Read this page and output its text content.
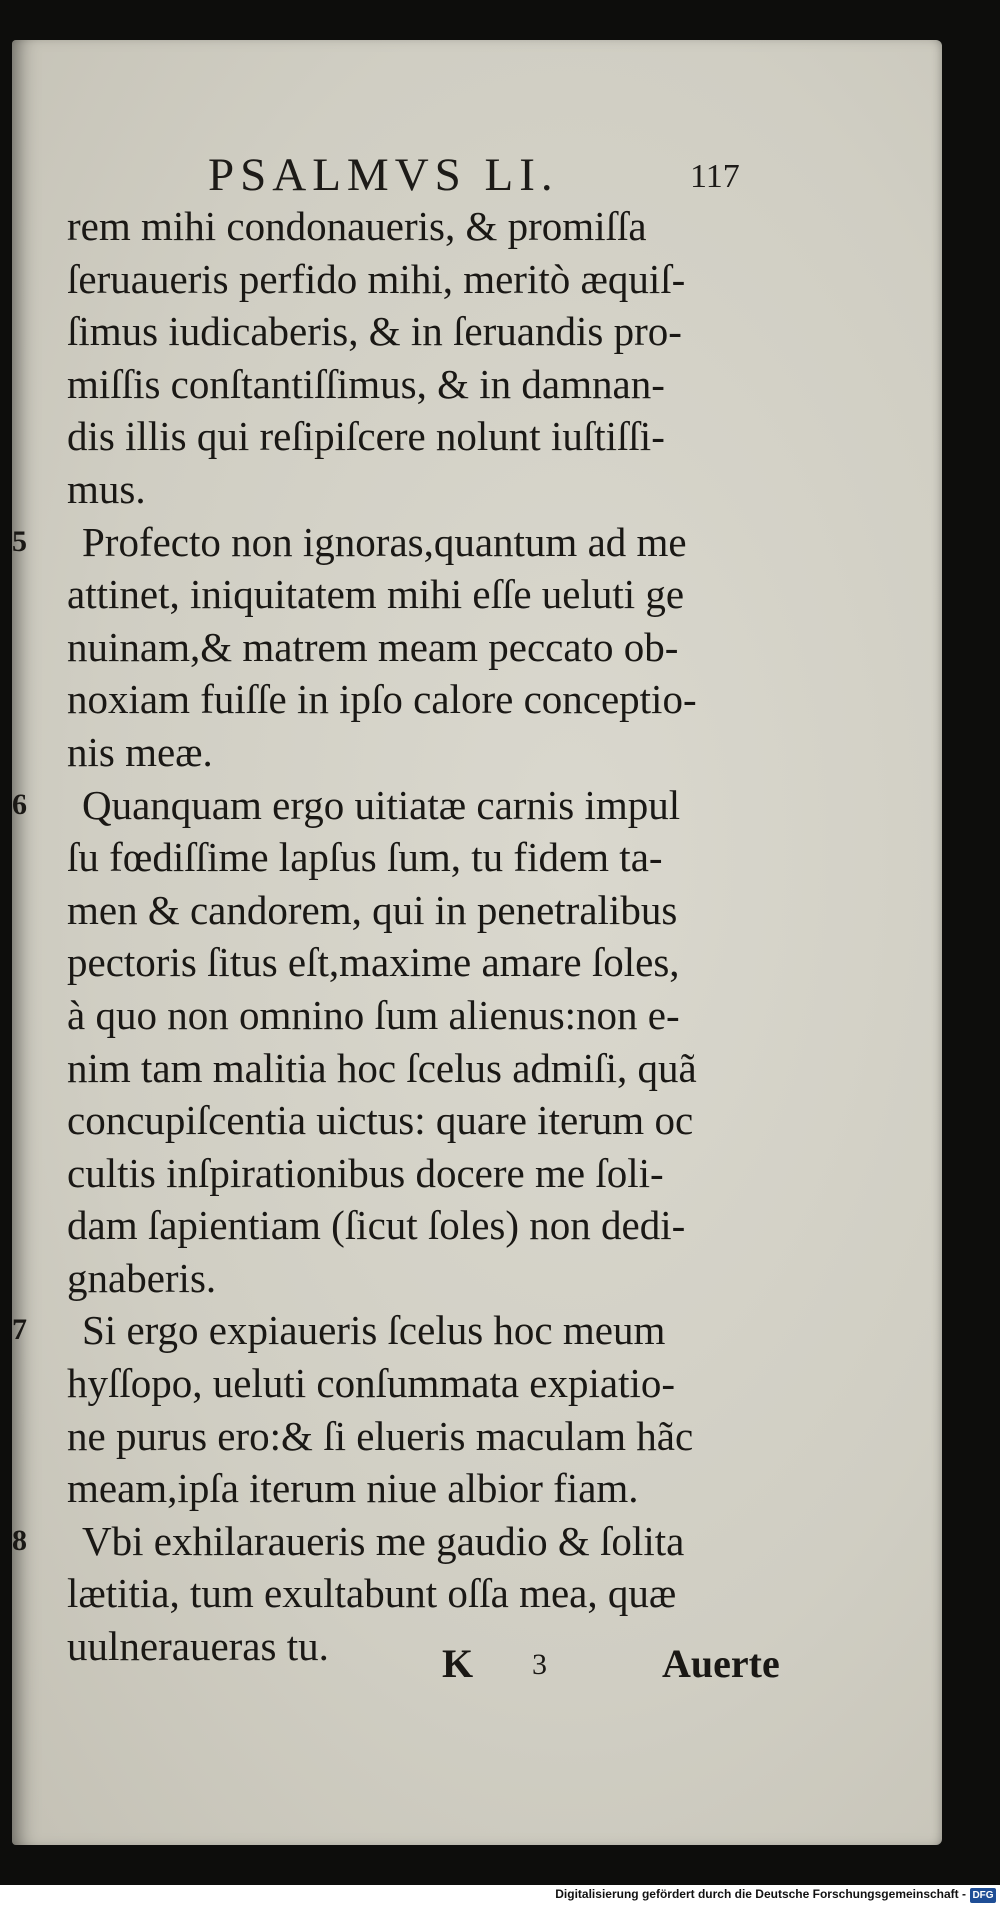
PSALMVS LI.	117
rem mihi condonaueris, & promiſſa
ſeruaueris perfido mihi, meritò æquiſ-
ſimus iudicaberis, & in ſeruandis pro-
miſſis conſtantiſſimus, & in damnan-
dis illis qui reſipiſcere nolunt iuſtiſſi-
mus.
5 Profecto non ignoras,quantum ad me
attinet, iniquitatem mihi eſſe ueluti ge
nuinam,& matrem meam peccato ob-
noxiam fuiſſe in ipſo calore conceptio-
nis meæ.
6 Quanquam ergo uitiatæ carnis impul
ſu fœdiſſime lapſus ſum, tu fidem ta-
men & candorem, qui in penetralibus
pectoris ſitus eſt,maxime amare ſoles,
à quo non omnino ſum alienus:non e-
nim tam malitia hoc ſcelus admiſi, quã
concupiſcentia uictus: quare iterum oc
cultis inſpirationibus docere me ſoli-
dam ſapientiam (ſicut ſoles) non dedi-
gnaberis.
7 Si ergo expiaueris ſcelus hoc meum
hyſſopo, ueluti conſummata expiatio-
ne purus ero:& ſi elueris maculam hãc
meam,ipſa iterum niue albior fiam.
8 Vbi exhilaraueris me gaudio & ſolita
lætitia, tum exultabunt oſſa mea, quæ
uulneraueras tu.	K 3	Auerte
Digitalisierung gefördert durch die Deutsche Forschungsgemeinschaft - DFG
